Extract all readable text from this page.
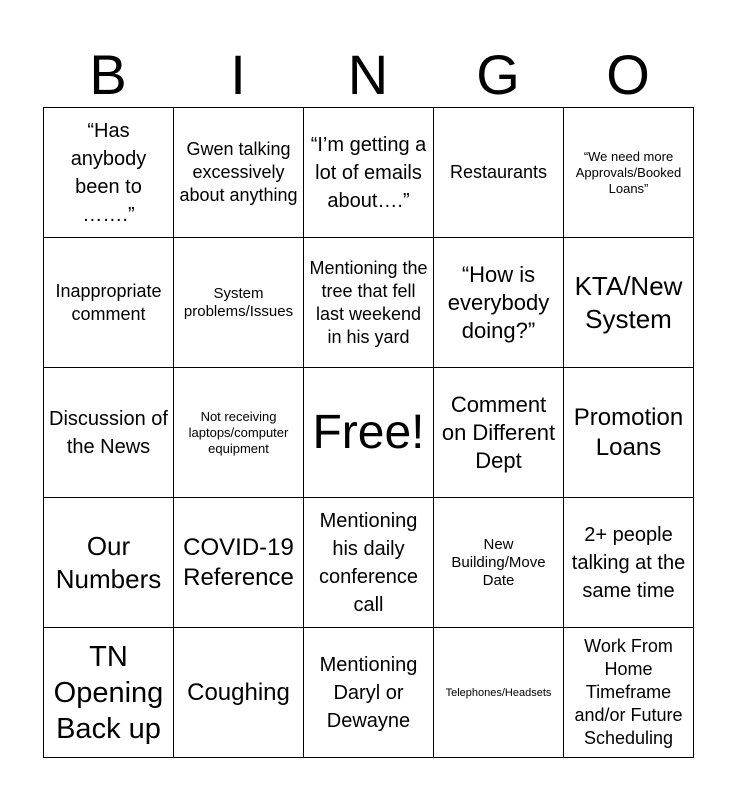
B	I	N	G	O
“Has anybody been to …….”	Gwen talking excessively about anything	“I’m getting a lot of emails about….”	Restaurants	“We need more Approvals/Booked Loans”

Inappropriate comment	System problems/Issues	Mentioning the tree that fell last weekend in his yard	“How is everybody doing?”	KTA/New System

Discussion of the News	Not receiving laptops/computer equipment	Free!	Comment on Different Dept	Promotion Loans

Our Numbers	COVID-19 Reference	Mentioning his daily conference call	New Building/Move Date	2+ people talking at the same time

TN Opening Back up	Coughing	Mentioning Daryl or Dewayne	Telephones/Headsets	Work From Home Timeframe and/or Future Scheduling
